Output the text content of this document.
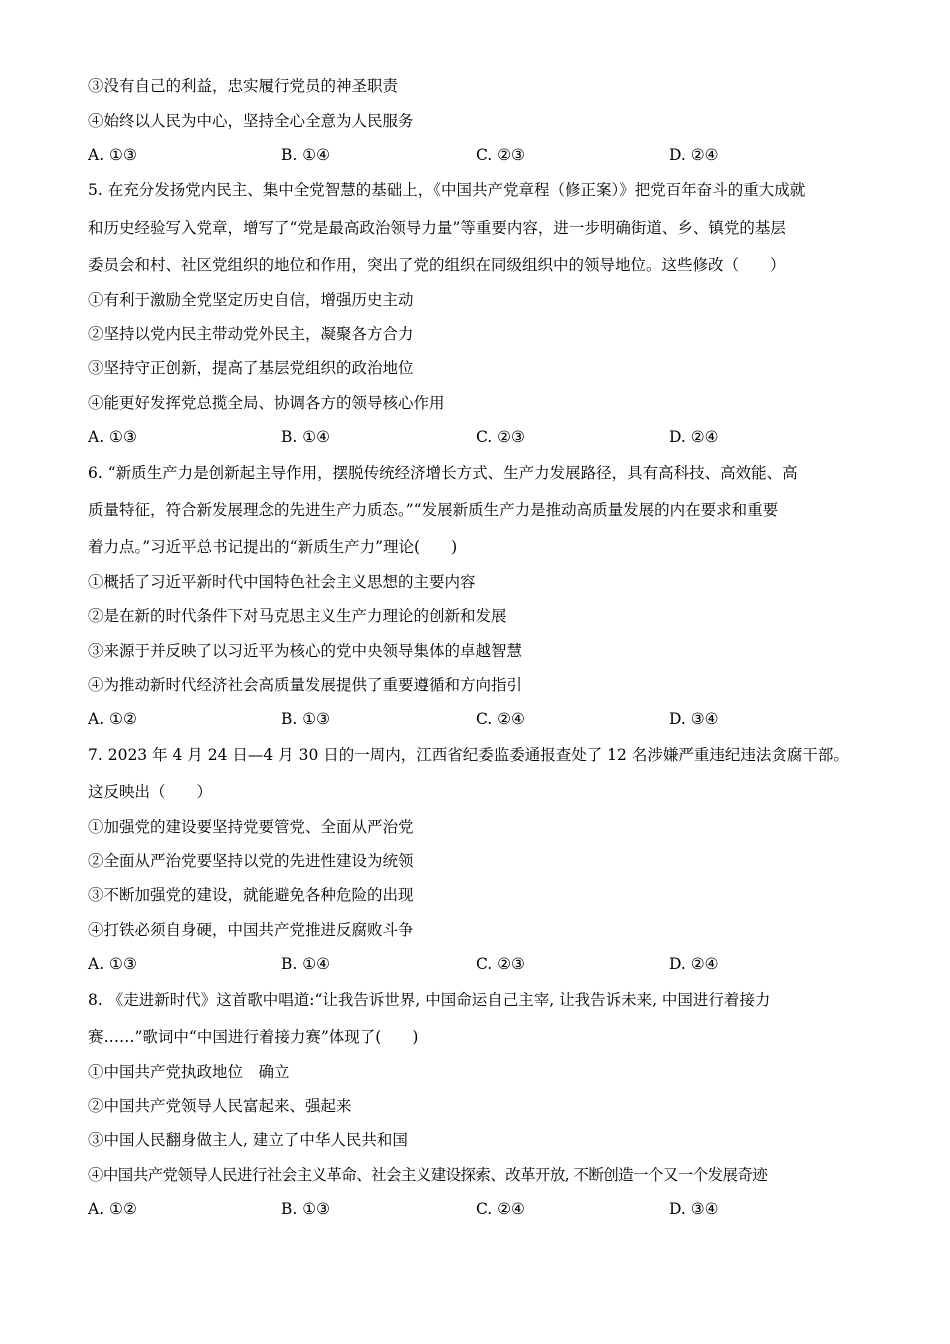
③没有自己的利益，忠实履行党员的神圣职责
④始终以人民为中心，坚持全心全意为人民服务
A. ①③	B. ①④	C. ②③	D. ②④
5. 在充分发扬党内民主、集中全党智慧的基础上，《中国共产党章程（修正案）》把党百年奋斗的重大成就
和历史经验写入党章，增写了“党是最高政治领导力量”等重要内容，进一步明确街道、乡、镇党的基层
委员会和村、社区党组织的地位和作用，突出了党的组织在同级组织中的领导地位。这些修改（　　）
①有利于激励全党坚定历史自信，增强历史主动
②坚持以党内民主带动党外民主，凝聚各方合力
③坚持守正创新，提高了基层党组织的政治地位
④能更好发挥党总揽全局、协调各方的领导核心作用
A. ①③	B. ①④	C. ②③	D. ②④
6. “新质生产力是创新起主导作用，摆脱传统经济增长方式、生产力发展路径，具有高科技、高效能、高
质量特征，符合新发展理念的先进生产力质态。”“发展新质生产力是推动高质量发展的内在要求和重要
着力点。”习近平总书记提出的“新质生产力”理论(　　)
①概括了习近平新时代中国特色社会主义思想的主要内容
②是在新的时代条件下对马克思主义生产力理论的创新和发展
③来源于并反映了以习近平为核心的党中央领导集体的卓越智慧
④为推动新时代经济社会高质量发展提供了重要遵循和方向指引
A. ①②	B. ①③	C. ②④	D. ③④
7. 2023 年 4 月 24 日—4 月 30 日的一周内，江西省纪委监委通报查处了 12 名涉嫌严重违纪违法贪腐干部。
这反映出（　　）
①加强党的建设要坚持党要管党、全面从严治党
②全面从严治党要坚持以党的先进性建设为统领
③不断加强党的建设，就能避免各种危险的出现
④打铁必须自身硬，中国共产党推进反腐败斗争
A. ①③	B. ①④	C. ②③	D. ②④
8. 《走进新时代》这首歌中唱道:“让我告诉世界, 中国命运自己主宰, 让我告诉未来, 中国进行着接力
赛……”歌词中“中国进行着接力赛”体现了(　　)
①中国共产党执政地位　确立
②中国共产党领导人民富起来、强起来
③中国人民翻身做主人, 建立了中华人民共和国
④中国共产党领导人民进行社会主义革命、社会主义建设探索、改革开放, 不断创造一个又一个发展奇迹
A. ①②	B. ①③	C. ②④	D. ③④
